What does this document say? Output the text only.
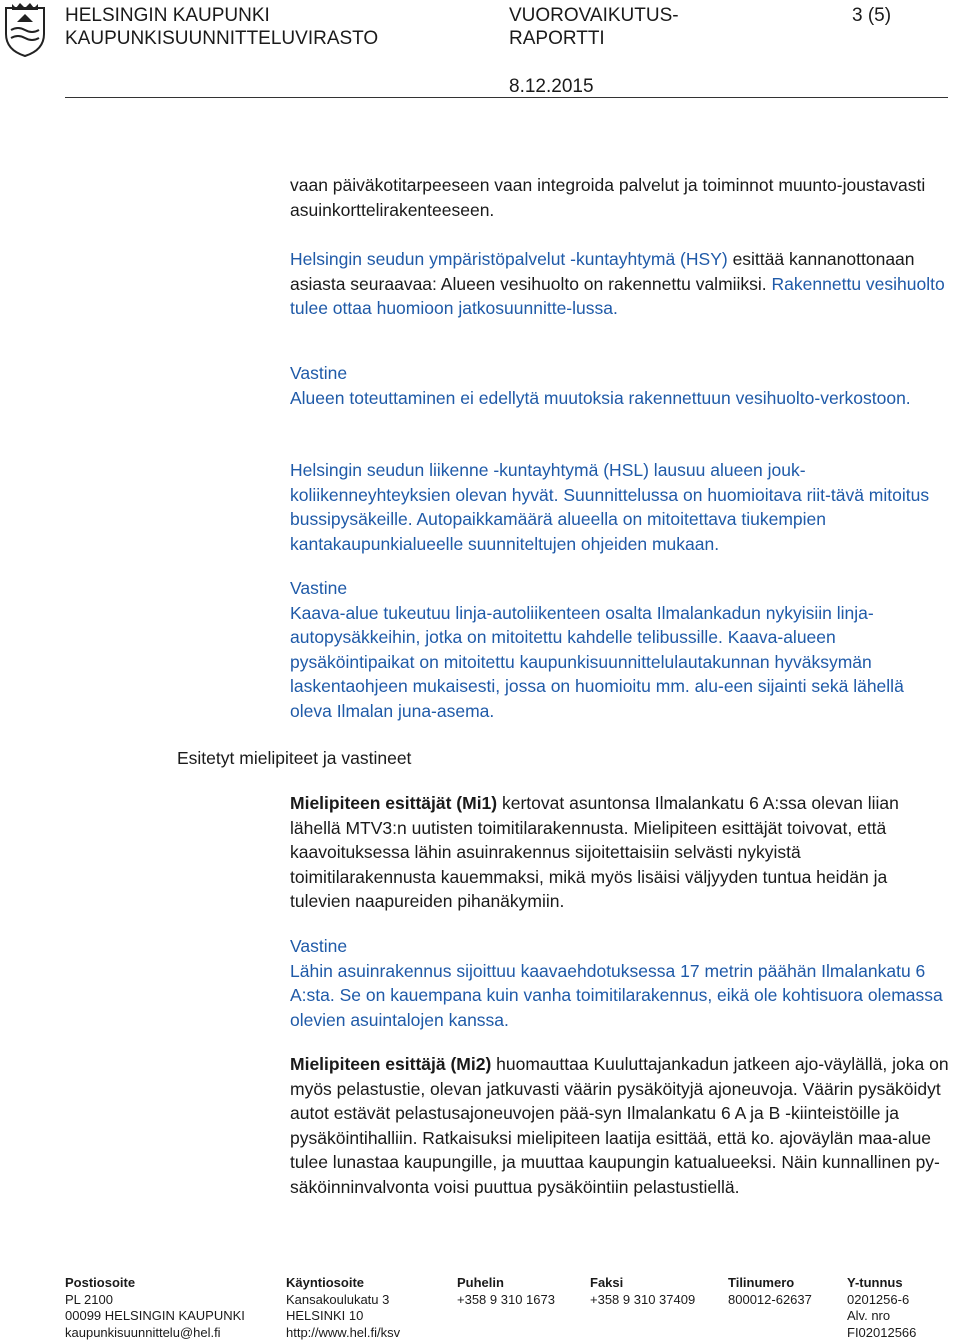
HELSINGIN KAUPUNKI
KAUPUNKISUUNNITTELUVIRASTO
VUOROVAIKUTUS-
RAPORTTI
3 (5)
8.12.2015

vaan päiväkotitarpeeseen vaan integroida palvelut ja toiminnot muunto-joustavasti asuinkorttelirakenteeseen.

Helsingin seudun ympäristöpalvelut -kuntayhtymä (HSY) esittää kannanottonaan asiasta seuraavaa: Alueen vesihuolto on rakennettu valmiiksi. Rakennettu vesihuolto tulee ottaa huomioon jatkosuunnitte-lussa.

Vastine

Alueen toteuttaminen ei edellytä muutoksia rakennettuun vesihuolto-verkostoon.

Helsingin seudun liikenne -kuntayhtymä (HSL) lausuu alueen jouk-koliikenneyhteyksien olevan hyvät. Suunnittelussa on huomioitava riit-tävä mitoitus bussipysäkeille. Autopaikkamäärä alueella on mitoitettava tiukempien kantakaupunkialueelle suunniteltujen ohjeiden mukaan.

Vastine

Kaava-alue tukeutuu linja-autoliikenteen osalta Ilmalankadun nykyisiin linja-autopysäkkeihin, jotka on mitoitettu kahdelle telibussille. Kaava-alueen pysäköintipaikat on mitoitettu kaupunkisuunnittelulautakunnan hyväksymän laskentaohjeen mukaisesti, jossa on huomioitu mm. alu-een sijainti sekä lähellä oleva Ilmalan juna-asema.

Esitetyt mielipiteet ja vastineet

Mielipiteen esittäjät (Mi1) kertovat asuntonsa Ilmalankatu 6 A:ssa olevan liian lähellä MTV3:n uutisten toimitilarakennusta. Mielipiteen esittäjät toivovat, että kaavoituksessa lähin asuinrakennus sijoitettaisiin selvästi nykyistä toimitilarakennusta kauemmaksi, mikä myös lisäisi väljyyden tuntua heidän ja tulevien naapureiden pihanäkymiin.

Vastine

Lähin asuinrakennus sijoittuu kaavaehdotuksessa 17 metrin päähän Ilmalankatu 6 A:sta. Se on kauempana kuin vanha toimitilarakennus, eikä ole kohtisuora olemassa olevien asuintalojen kanssa.

Mielipiteen esittäjä (Mi2) huomauttaa Kuuluttajankadun jatkeen ajo-väylällä, joka on myös pelastustie, olevan jatkuvasti väärin pysäköityjä ajoneuvoja. Väärin pysäköidyt autot estävät pelastusajoneuvojen pää-syn Ilmalankatu 6 A ja B -kiinteistöille ja pysäköintihalliin. Ratkaisuksi mielipiteen laatija esittää, että ko. ajoväylän maa-alue tulee lunastaa kaupungille, ja muuttaa kaupungin katualueeksi. Näin kunnallinen py-säköinninvalvonta voisi puuttua pysäköintiin pelastustiellä.

Postiosoite
PL 2100
00099 HELSINGIN KAUPUNKI
kaupunkisuunnittelu@hel.fi
Käyntiosoite
Kansakoulukatu 3
HELSINKI 10
http://www.hel.fi/ksv
Puhelin
+358 9 310 1673
Faksi
+358 9 310 37409
Tilinumero
800012-62637
Y-tunnus
0201256-6
Alv. nro
FI02012566
